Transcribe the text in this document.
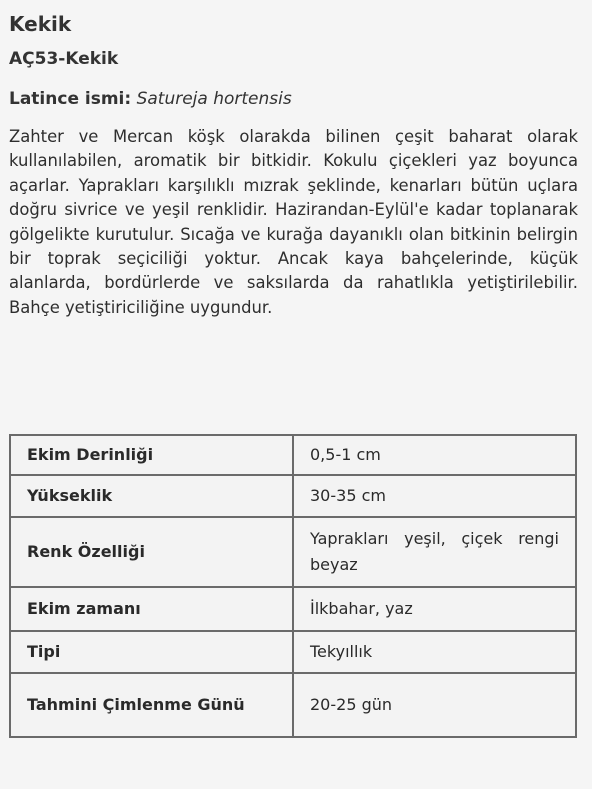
Kekik
AÇ53-Kekik
Latince ismi: Satureja hortensis

Zahter ve Mercan köşk olarakda bilinen çeşit baharat olarak kullanılabilen, aromatik bir bitkidir. Kokulu çiçekleri yaz boyunca açarlar. Yaprakları karşılıklı mızrak şeklinde, kenarları bütün uçlara doğru sivrice ve yeşil renklidir. Hazirandan-Eylül'e kadar toplanarak gölgelikte kurutulur. Sıcağa ve kurağa dayanıklı olan bitkinin belirgin bir toprak seçiciliği yoktur. Ancak kaya bahçelerinde, küçük alanlarda, bordürlerde ve saksılarda da rahatlıkla yetiştirilebilir. Bahçe yetiştiriciliğine uygundur.

Ekim Derinliği	0,5-1 cm

Yükseklik	30-35 cm

Renk Özelliği	Yaprakları yeşil, çiçek rengi beyaz

Ekim zamanı	İlkbahar, yaz

Tipi	Tekyıllık

Tahmini Çimlenme Günü	20-25 gün
